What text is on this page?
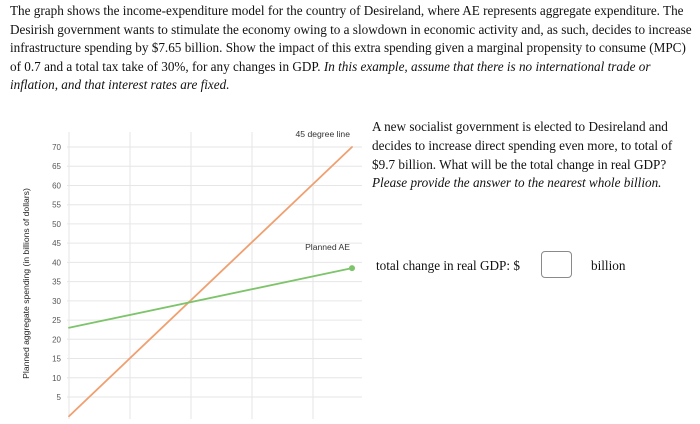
The graph shows the income-expenditure model for the country of Desireland, where AE represents aggregate expenditure. The Desirish government wants to stimulate the economy owing to a slowdown in economic activity and, as such, decides to increase infrastructure spending by $7.65 billion. Show the impact of this extra spending given a marginal propensity to consume (MPC) of 0.7 and a total tax take of 30%, for any changes in GDP. In this example, assume that there is no international trade or inflation, and that interest rates are fixed.
5
10
15
20
25
30
35
40
45
50
55
60
65
70
Planned aggregate spending (in billions of dollars)
45 degree line
Planned AE
A new socialist government is elected to Desireland and decides to increase direct spending even more, to total of $9.7 billion. What will be the total change in real GDP? Please provide the answer to the nearest whole billion.
total change in real GDP: $	billion
